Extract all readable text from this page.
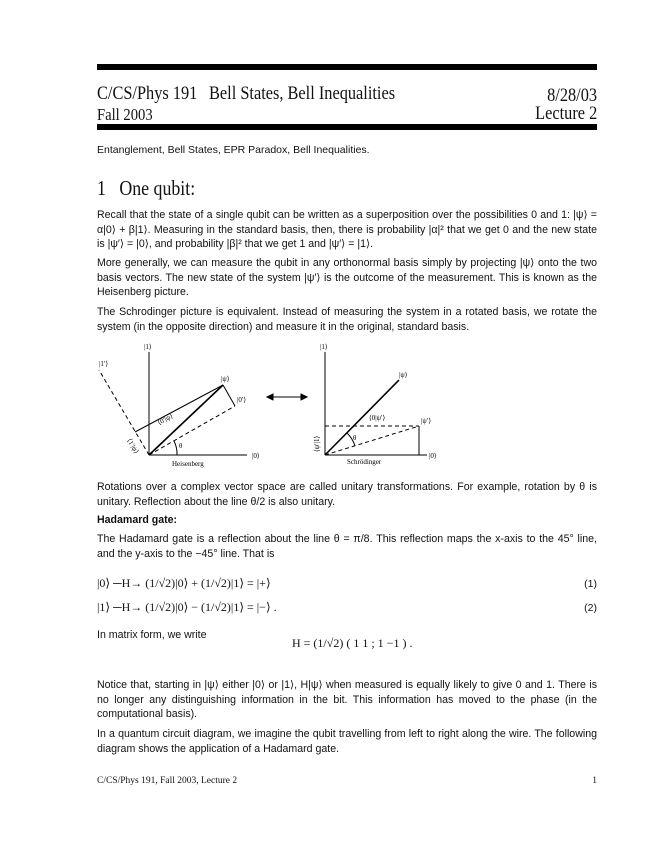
C/CS/Phys 191 Bell States, Bell Inequalities	8/28/03
Fall 2003	Lecture 2
Entanglement, Bell States, EPR Paradox, Bell Inequalities.
1 One qubit:
Recall that the state of a single qubit can be written as a superposition over the possibilities 0 and 1: |ψ⟩ = α|0⟩ + β|1⟩. Measuring in the standard basis, then, there is probability |α|² that we get 0 and the new state is |ψ′⟩ = |0⟩, and probability |β|² that we get 1 and |ψ′⟩ = |1⟩.
More generally, we can measure the qubit in any orthonormal basis simply by projecting |ψ⟩ onto the two basis vectors. The new state of the system |ψ′⟩ is the outcome of the measurement. This is known as the Heisenberg picture.
The Schrodinger picture is equivalent. Instead of measuring the system in a rotated basis, we rotate the system (in the opposite direction) and measure it in the original, standard basis.
|1⟩
|1′⟩
|ψ⟩
|0′⟩
|0⟩
⟨0′|ψ⟩
⟨1′|ψ⟩	θ
Heisenberg
|1⟩
|ψ⟩
|ψ′⟩
|0⟩
⟨0|ψ′⟩
⟨ψ′|1⟩	θ
Schrödinger
Rotations over a complex vector space are called unitary transformations. For example, rotation by θ is unitary. Reflection about the line θ/2 is also unitary.
Hadamard gate:
The Hadamard gate is a reflection about the line θ = π/8. This reflection maps the x-axis to the 45° line, and the y-axis to the −45° line. That is
|0⟩ ─H→ (1/√2)|0⟩ + (1/√2)|1⟩ = |+⟩	(1)
|1⟩ ─H→ (1/√2)|0⟩ − (1/√2)|1⟩ = |−⟩ .	(2)
In matrix form, we write
H = (1/√2) ( 1 1 ; 1 −1 ) .
Notice that, starting in |ψ⟩ either |0⟩ or |1⟩, H|ψ⟩ when measured is equally likely to give 0 and 1. There is no longer any distinguishing information in the bit. This information has moved to the phase (in the computational basis).
In a quantum circuit diagram, we imagine the qubit travelling from left to right along the wire. The following diagram shows the application of a Hadamard gate.
C/CS/Phys 191, Fall 2003, Lecture 2	1
